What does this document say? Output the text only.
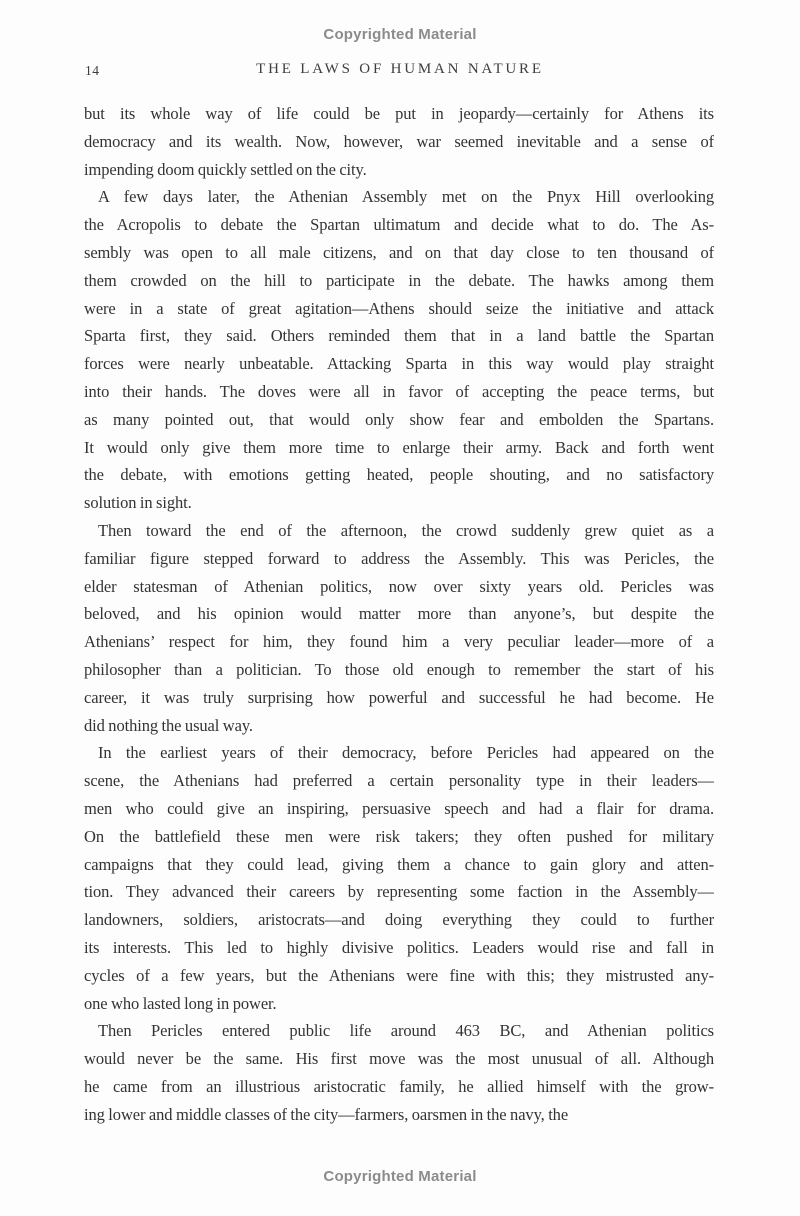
Copyrighted Material
14	THE LAWS OF HUMAN NATURE
but its whole way of life could be put in jeopardy—certainly for Athens its
democracy and its wealth. Now, however, war seemed inevitable and a sense of
impending doom quickly settled on the city.
A few days later, the Athenian Assembly met on the Pnyx Hill overlooking
the Acropolis to debate the Spartan ultimatum and decide what to do. The As-
sembly was open to all male citizens, and on that day close to ten thousand of
them crowded on the hill to participate in the debate. The hawks among them
were in a state of great agitation—Athens should seize the initiative and attack
Sparta first, they said. Others reminded them that in a land battle the Spartan
forces were nearly unbeatable. Attacking Sparta in this way would play straight
into their hands. The doves were all in favor of accepting the peace terms, but
as many pointed out, that would only show fear and embolden the Spartans.
It would only give them more time to enlarge their army. Back and forth went
the debate, with emotions getting heated, people shouting, and no satisfactory
solution in sight.
Then toward the end of the afternoon, the crowd suddenly grew quiet as a
familiar figure stepped forward to address the Assembly. This was Pericles, the
elder statesman of Athenian politics, now over sixty years old. Pericles was
beloved, and his opinion would matter more than anyone’s, but despite the
Athenians’ respect for him, they found him a very peculiar leader—more of a
philosopher than a politician. To those old enough to remember the start of his
career, it was truly surprising how powerful and successful he had become. He
did nothing the usual way.
In the earliest years of their democracy, before Pericles had appeared on the
scene, the Athenians had preferred a certain personality type in their leaders—
men who could give an inspiring, persuasive speech and had a flair for drama.
On the battlefield these men were risk takers; they often pushed for military
campaigns that they could lead, giving them a chance to gain glory and atten-
tion. They advanced their careers by representing some faction in the Assembly—
landowners, soldiers, aristocrats—and doing everything they could to further
its interests. This led to highly divisive politics. Leaders would rise and fall in
cycles of a few years, but the Athenians were fine with this; they mistrusted any-
one who lasted long in power.
Then Pericles entered public life around 463 BC, and Athenian politics
would never be the same. His first move was the most unusual of all. Although
he came from an illustrious aristocratic family, he allied himself with the grow-
ing lower and middle classes of the city—farmers, oarsmen in the navy, the
Copyrighted Material
